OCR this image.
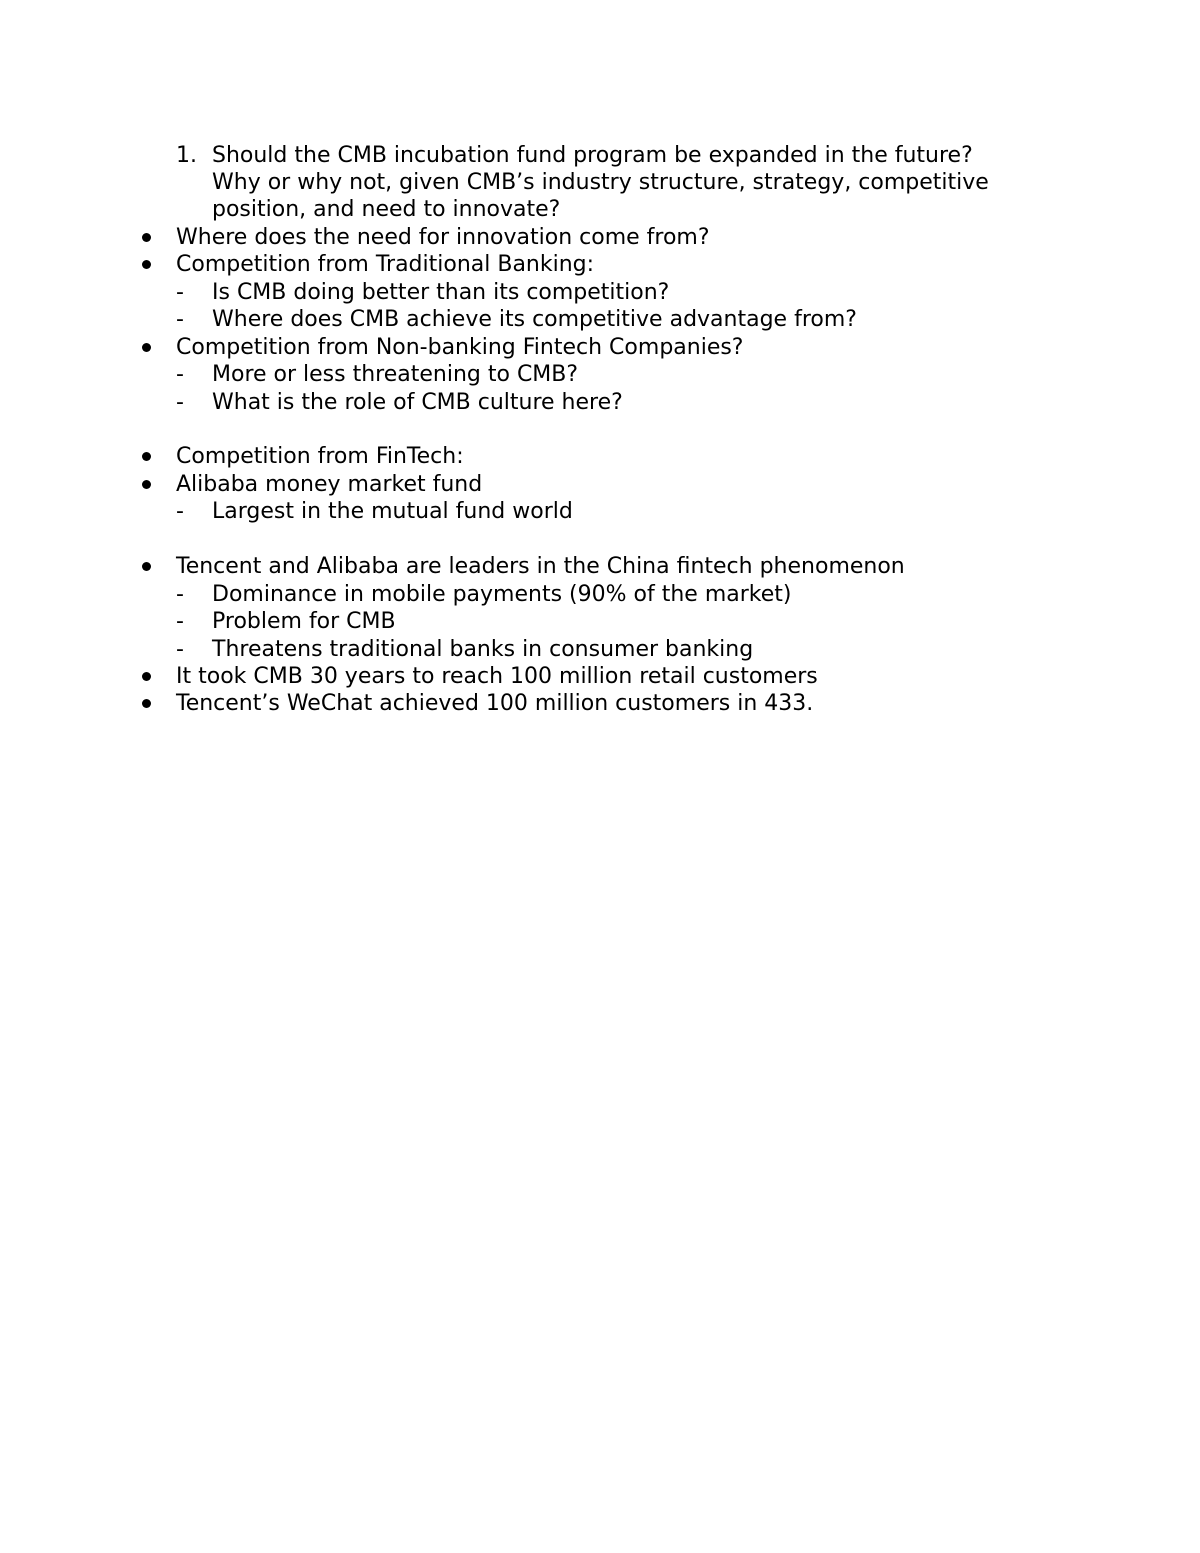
1. Should the CMB incubation fund program be expanded in the future?
Why or why not, given CMB’s industry structure, strategy, competitive
position, and need to innovate?
Where does the need for innovation come from?
Competition from Traditional Banking:
- Is CMB doing better than its competition?
- Where does CMB achieve its competitive advantage from?
Competition from Non-banking Fintech Companies?
- More or less threatening to CMB?
- What is the role of CMB culture here?
Competition from FinTech:
Alibaba money market fund
- Largest in the mutual fund world
Tencent and Alibaba are leaders in the China fintech phenomenon
- Dominance in mobile payments (90% of the market)
- Problem for CMB
- Threatens traditional banks in consumer banking
It took CMB 30 years to reach 100 million retail customers
Tencent’s WeChat achieved 100 million customers in 433.
